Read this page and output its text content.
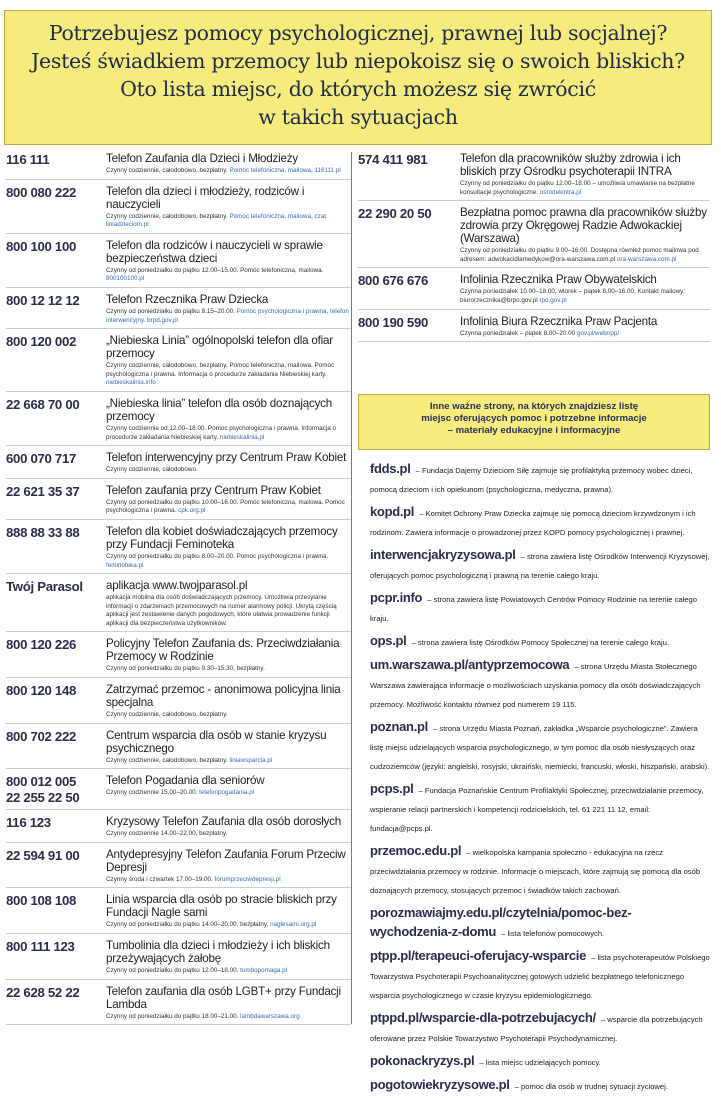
Potrzebujesz pomocy psychologicznej, prawnej lub socjalnej?
Jesteś świadkiem przemocy lub niepokoisz się o swoich bliskich?
Oto lista miejsc, do których możesz się zwrócić
w takich sytuacjach
116 111	Telefon Zaufania dla Dzieci i Młodzieży
Czynny codziennie, całodobowo, bezpłatny. Pomoc telefoniczna, mailowa, 116111.pl
800 080 222	Telefon dla dzieci i młodzieży, rodziców i nauczycieli
Czynny codziennie, całodobowo, bezpłatny. Pomoc telefoniczna, mailowa, czat. liniadzieciom.pl
800 100 100	Telefon dla rodziców i nauczycieli w sprawie bezpieczeństwa dzieci
Czynny od poniedziałku do piątku 12.00–15.00. Pomoc telefoniczna, mailowa. 800100100.pl
800 12 12 12	Telefon Rzecznika Praw Dziecka
Czynny od poniedziałku do piątku 8.15–20.00. Pomoc psychologiczna i prawna, telefon interwencyjny. brpd.gov.pl
800 120 002	„Niebieska Linia” ogólnopolski telefon dla ofiar przemocy
Czynny codziennie, całodobowo, bezpłatny. Pomoc telefoniczna, mailowa. Pomoc psychologiczna i prawna. Informacja o procedurze zakładania Niebieskiej karty. niebieskalinia.info
22 668 70 00	„Niebieska linia” telefon dla osób doznających przemocy
Czynny codziennie od 12.00–18.00. Pomoc psychologiczna i prawna. Informacja o procedurze zakładania Niebieskiej karty. niebieskalinia.pl
600 070 717	Telefon interwencyjny przy Centrum Praw Kobiet
Czynny codziennie, całodobowo.
22 621 35 37	Telefon zaufania przy Centrum Praw Kobiet
Czynny od poniedziałku do piątku 10.00–16.00. Pomoc telefoniczna, mailowa. Pomoc psychologiczna i prawna. cpk.org.pl
888 88 33 88	Telefon dla kobiet doświadczających przemocy przy Fundacji Feminoteka
Czynny od poniedziałku do piątku 8.00–20.00. Pomoc psychologiczna i prawna. feminoteka.pl
Twój Parasol	aplikacja www.twojparasol.pl
aplikacja mobilna dla osób doświadczających przemocy. Umożliwia przesyłanie informacji o zdarzeniach przemocowych na numer alarmowy policji. Ukrytą częścią aplikacji jest zestawienie danych pogodowych, które ułatwia prowadzenie funkcji aplikacji dla bezpieczeństwa użytkowników.
800 120 226	Policyjny Telefon Zaufania ds. Przeciwdziałania Przemocy w Rodzinie
Czynny od poniedziałku do piątku 9.30–15.30, bezpłatny.
800 120 148	Zatrzymać przemoc - anonimowa policyjna linia specjalna
Czynny codziennie, całodobowo, bezpłatny.
800 702 222	Centrum wsparcia dla osób w stanie kryzysu psychicznego
Czynny codziennie, całodobowo, bezpłatny. liniawsparcia.pl
800 012 005
22 255 22 50
Telefon Pogadania dla seniorów
Czynny codziennie 15.00–20.00. telefonpogadania.pl
116 123	Kryzysowy Telefon Zaufania dla osób dorosłych
Czynny codziennie 14.00–22.00, bezpłatny.
22 594 91 00	Antydepresyjny Telefon Zaufania Forum Przeciw Depresji
Czynny środa i czwartek 17.00–19.00. forumprzeciwdepresji.pl
800 108 108	Linia wsparcia dla osób po stracie bliskich przy Fundacji Nagle sami
Czynny od poniedziałku do piątku 14.00–20.00, bezpłatny. naglesami.org.pl
800 111 123	Tumbolinia dla dzieci i młodzieży i ich bliskich przeżywających żałobę
Czynny od poniedziałku do piątku 12.00–18.00. tumbopomaga.pl
22 628 52 22	Telefon zaufania dla osób LGBT+ przy Fundacji Lambda
Czynny od poniedziałku do piątku 18.00–21.00. lambdawarszawa.org
574 411 981	Telefon dla pracowników służby zdrowia i ich bliskich przy Ośrodku psychoterapii INTRA
Czynny od poniedziałku do piątku 12.00–18.00 – umożliwia umawianie na bezpłatne konsultacje psychologiczne. osrodekintra.pl
22 290 20 50	Bezpłatna pomoc prawna dla pracowników służby zdrowia przy Okręgowej Radzie Adwokackiej (Warszawa)
Czynny od poniedziałku do piątku 9.00–16.00. Dostępna również pomoc mailowa pod adresem: adwokacidlamedykow@ora-warszawa.com.pl ora-warszawa.com.pl
800 676 676	Infolinia Rzecznika Praw Obywatelskich
Czynna poniedziałek 10.00–18.00, wtorek – piątek 8.00–16.00. Kontakt mailowy: biurorzecznika@brpo.gov.pl rpo.gov.pl
800 190 590	Infolinia Biura Rzecznika Praw Pacjenta
Czynna poniedziałek – piątek 8.00–20.00 gov.pl/web/rpp/
Inne ważne strony, na których znajdziesz listę
miejsc oferujących pomoc i potrzebne informacje
– materiały edukacyjne i informacyjne
fdds.pl – Fundacja Dajemy Dzieciom Siłę zajmuje się profilaktyką przemocy wobec dzieci, pomocą dzieciom i ich opiekunom (psychologiczna, medyczna, prawna).
kopd.pl – Komitet Ochrony Praw Dziecka zajmuje się pomocą dzieciom krzywdzonym i ich rodzinom. Zawiera informacje o prowadzonej przez KOPD pomocy psychologicznej i prawnej.
interwencjakryzysowa.pl – strona zawiera listę Ośrodków Interwencji Kryzysowej, oferujących pomoc psychologiczną i prawną na terenie całego kraju.
pcpr.info – strona zawiera listę Powiatowych Centrów Pomocy Rodzinie na terenie całego kraju.
ops.pl – strona zawiera listę Ośrodków Pomocy Społecznej na terenie całego kraju.
um.warszawa.pl/antyprzemocowa – strona Urzędu Miasta Stołecznego Warszawa zawierająca informacje o możliwościach uzyskania pomocy dla osób doświadczających przemocy. Możliwość kontaktu również pod numerem 19 115.
poznan.pl – strona Urzędu Miasta Poznań, zakładka „Wsparcie psychologiczne”. Zawiera listę miejsc udzielających wsparcia psychologicznego, w tym pomoc dla osób niesłyszących oraz cudzoziemców (języki: angielski, rosyjski, ukraiński, niemiecki, francuski, włoski, hiszpański, arabski).
pcps.pl – Fundacja Poznańskie Centrum Profilaktyki Społecznej, przeciwdziałanie przemocy, wspieranie relacji partnerskich i kompetencji rodzicielskich, tel. 61 221 11 12, email: fundacja@pcps.pl.
przemoc.edu.pl – wielkopolska kampania społeczno - edukacyjna na rzecz przeciwdziałania przemocy w rodzinie. Informacje o miejscach, które zajmują się pomocą dla osób doznających przemocy, stosujących przemoc i świadków takich zachowań.
porozmawiajmy.edu.pl/czytelnia/pomoc-bez-wychodzenia-z-domu – lista telefonów pomocowych.
ptpp.pl/terapeuci-oferujacy-wsparcie – lista psychoterapeutów Polskiego Towarzystwa Psychoterapii Psychoanalitycznej gotowych udzielić bezpłatnego telefonicznego wsparcia psychologicznego w czasie kryzysu epidemiologicznego.
ptppd.pl/wsparcie-dla-potrzebujacych/ – wsparcie dla potrzebujących oferowane przez Polskie Towarzystwo Psychoterapii Psychodynamicznej.
pokonackryzys.pl – lista miejsc udzielających pomocy.
pogotowiekryzysowe.pl – pomoc dla osób w trudnej sytuacji życiowej.
